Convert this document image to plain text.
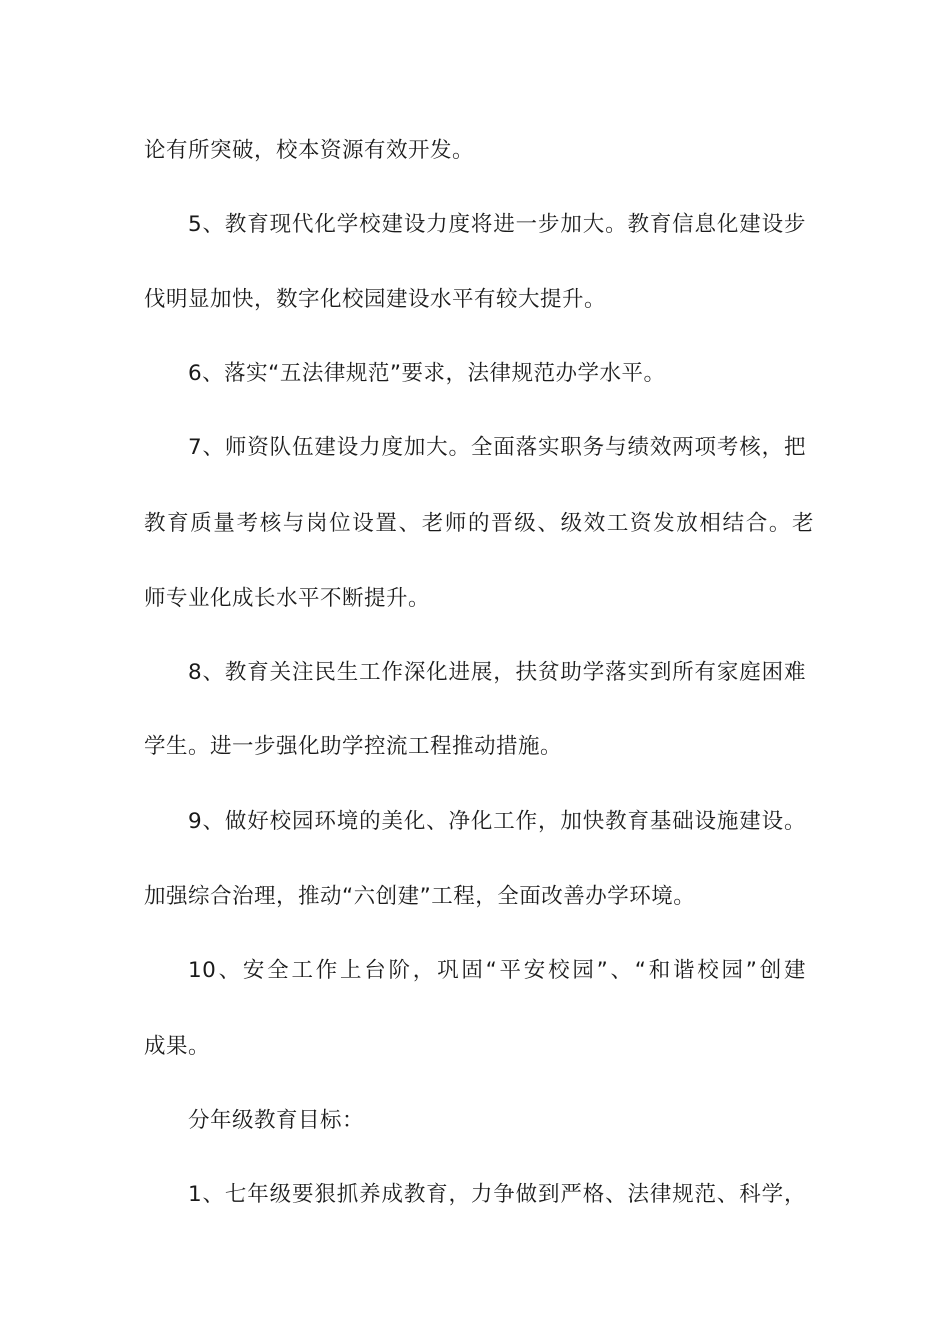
论有所突破，校本资源有效开发。
5、教育现代化学校建设力度将进一步加大。教育信息化建设步
伐明显加快，数字化校园建设水平有较大提升。
6、落实“五法律规范”要求，法律规范办学水平。
7、师资队伍建设力度加大。全面落实职务与绩效两项考核，把
教育质量考核与岗位设置、老师的晋级、级效工资发放相结合。老
师专业化成长水平不断提升。
8、教育关注民生工作深化进展，扶贫助学落实到所有家庭困难
学生。进一步强化助学控流工程推动措施。
9、做好校园环境的美化、净化工作，加快教育基础设施建设。
加强综合治理，推动“六创建”工程，全面改善办学环境。
10、安全工作上台阶，巩固“平安校园”、“和谐校园”创建
成果。
分年级教育目标：
1、七年级要狠抓养成教育，力争做到严格、法律规范、科学，
